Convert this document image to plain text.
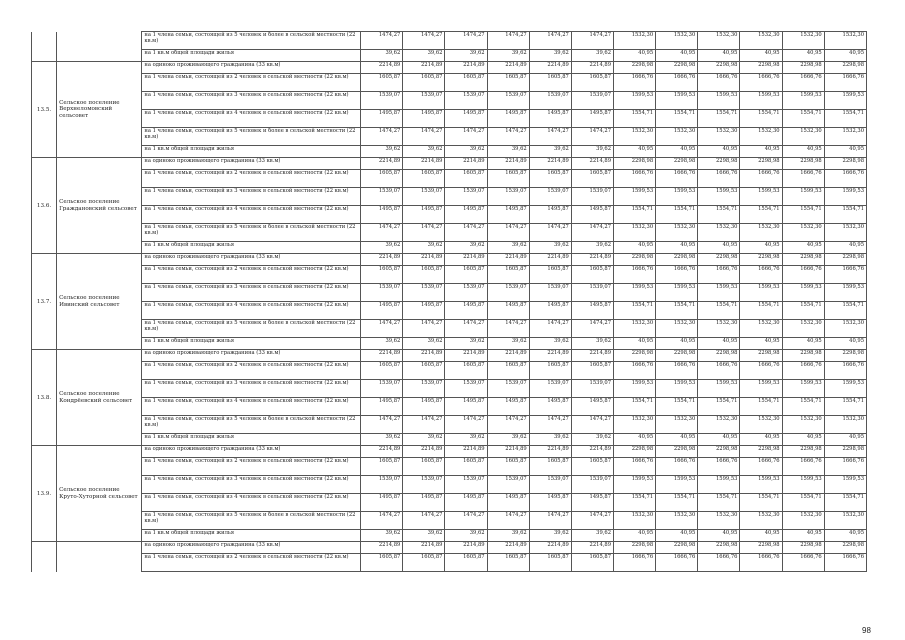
		на 1 члена семьи, состоящей из 5 человек и более в сельской местности (22 кв.м)	1474,27	1474,27	1474,27	1474,27	1474,27	1474,27	1532,30	1532,30	1532,30	1532,30	1532,30	1532,30
		на 1 кв.м общей площади жилья	39,62	39,62	39,62	39,62	39,62	39,62	40,95	40,95	40,95	40,95	40,95	40,95
13.5.	Сельское поселение Верхнеломовский сельсовет	на одиноко проживающего гражданина (33 кв.м)	2214,89	2214,89	2214,89	2214,89	2214,89	2214,89	2298,98	2298,98	2298,98	2298,98	2298,98	2298,98
		на 1 члена семьи, состоящей из 2 человек в сельской местности (22 кв.м)	1605,87	1605,87	1605,87	1605,87	1605,87	1605,87	1666,76	1666,76	1666,76	1666,76	1666,76	1666,76
		на 1 члена семьи, состоящей из 3 человек в сельской местности (22 кв.м)	1539,07	1539,07	1539,07	1539,07	1539,07	1539,07	1599,53	1599,53	1599,53	1599,53	1599,53	1599,53
		на 1 члена семьи, состоящей из 4 человек в сельской местности (22 кв.м)	1495,87	1495,87	1495,87	1495,87	1495,87	1495,87	1554,71	1554,71	1554,71	1554,71	1554,71	1554,71
		на 1 члена семьи, состоящей из 5 человек и более в сельской местности (22 кв.м)	1474,27	1474,27	1474,27	1474,27	1474,27	1474,27	1532,30	1532,30	1532,30	1532,30	1532,30	1532,30
		на 1 кв.м общей площади жилья	39,62	39,62	39,62	39,62	39,62	39,62	40,95	40,95	40,95	40,95	40,95	40,95
13.6.	Сельское поселение Граждановский сельсовет	на одиноко проживающего гражданина (33 кв.м)	2214,89	2214,89	2214,89	2214,89	2214,89	2214,89	2298,98	2298,98	2298,98	2298,98	2298,98	2298,98
		на 1 члена семьи, состоящей из 2 человек в сельской местности (22 кв.м)	1605,87	1605,87	1605,87	1605,87	1605,87	1605,87	1666,76	1666,76	1666,76	1666,76	1666,76	1666,76
		на 1 члена семьи, состоящей из 3 человек в сельской местности (22 кв.м)	1539,07	1539,07	1539,07	1539,07	1539,07	1539,07	1599,53	1599,53	1599,53	1599,53	1599,53	1599,53
		на 1 члена семьи, состоящей из 4 человек в сельской местности (22 кв.м)	1495,87	1495,87	1495,87	1495,87	1495,87	1495,87	1554,71	1554,71	1554,71	1554,71	1554,71	1554,71
		на 1 члена семьи, состоящей из 5 человек и более в сельской местности (22 кв.м)	1474,27	1474,27	1474,27	1474,27	1474,27	1474,27	1532,30	1532,30	1532,30	1532,30	1532,30	1532,30
		на 1 кв.м общей площади жилья	39,62	39,62	39,62	39,62	39,62	39,62	40,95	40,95	40,95	40,95	40,95	40,95
13.7.	Сельское поселение Ивинский сельсовет	на одиноко проживающего гражданина (33 кв.м)	2214,89	2214,89	2214,89	2214,89	2214,89	2214,89	2298,98	2298,98	2298,98	2298,98	2298,98	2298,98
		на 1 члена семьи, состоящей из 2 человек в сельской местности (22 кв.м)	1605,87	1605,87	1605,87	1605,87	1605,87	1605,87	1666,76	1666,76	1666,76	1666,76	1666,76	1666,76
		на 1 члена семьи, состоящей из 3 человек в сельской местности (22 кв.м)	1539,07	1539,07	1539,07	1539,07	1539,07	1539,07	1599,53	1599,53	1599,53	1599,53	1599,53	1599,53
		на 1 члена семьи, состоящей из 4 человек в сельской местности (22 кв.м)	1495,87	1495,87	1495,87	1495,87	1495,87	1495,87	1554,71	1554,71	1554,71	1554,71	1554,71	1554,71
		на 1 члена семьи, состоящей из 5 человек и более в сельской местности (22 кв.м)	1474,27	1474,27	1474,27	1474,27	1474,27	1474,27	1532,30	1532,30	1532,30	1532,30	1532,30	1532,30
		на 1 кв.м общей площади жилья	39,62	39,62	39,62	39,62	39,62	39,62	40,95	40,95	40,95	40,95	40,95	40,95
13.8.	Сельское поселение Кондрёевский сельсовет	на одиноко проживающего гражданина (33 кв.м)	2214,89	2214,89	2214,89	2214,89	2214,89	2214,89	2298,98	2298,98	2298,98	2298,98	2298,98	2298,98
		на 1 члена семьи, состоящей из 2 человек в сельской местности (22 кв.м)	1605,87	1605,87	1605,87	1605,87	1605,87	1605,87	1666,76	1666,76	1666,76	1666,76	1666,76	1666,76
		на 1 члена семьи, состоящей из 3 человек в сельской местности (22 кв.м)	1539,07	1539,07	1539,07	1539,07	1539,07	1539,07	1599,53	1599,53	1599,53	1599,53	1599,53	1599,53
		на 1 члена семьи, состоящей из 4 человек в сельской местности (22 кв.м)	1495,87	1495,87	1495,87	1495,87	1495,87	1495,87	1554,71	1554,71	1554,71	1554,71	1554,71	1554,71
		на 1 члена семьи, состоящей из 5 человек и более в сельской местности (22 кв.м)	1474,27	1474,27	1474,27	1474,27	1474,27	1474,27	1532,30	1532,30	1532,30	1532,30	1532,30	1532,30
		на 1 кв.м общей площади жилья	39,62	39,62	39,62	39,62	39,62	39,62	40,95	40,95	40,95	40,95	40,95	40,95
13.9.	Сельское поселение Круто-Хуторной сельсовет	на одиноко проживающего гражданина (33 кв.м)	2214,89	2214,89	2214,89	2214,89	2214,89	2214,89	2298,98	2298,98	2298,98	2298,98	2298,98	2298,98
		на 1 члена семьи, состоящей из 2 человек в сельской местности (22 кв.м)	1605,87	1605,87	1605,87	1605,87	1605,87	1605,87	1666,76	1666,76	1666,76	1666,76	1666,76	1666,76
		на 1 члена семьи, состоящей из 3 человек в сельской местности (22 кв.м)	1539,07	1539,07	1539,07	1539,07	1539,07	1539,07	1599,53	1599,53	1599,53	1599,53	1599,53	1599,53
		на 1 члена семьи, состоящей из 4 человек в сельской местности (22 кв.м)	1495,87	1495,87	1495,87	1495,87	1495,87	1495,87	1554,71	1554,71	1554,71	1554,71	1554,71	1554,71
		на 1 члена семьи, состоящей из 5 человек и более в сельской местности (22 кв.м)	1474,27	1474,27	1474,27	1474,27	1474,27	1474,27	1532,30	1532,30	1532,30	1532,30	1532,30	1532,30
		на 1 кв.м общей площади жилья	39,62	39,62	39,62	39,62	39,62	39,62	40,95	40,95	40,95	40,95	40,95	40,95
		на одиноко проживающего гражданина (33 кв.м)	2214,89	2214,89	2214,89	2214,89	2214,89	2214,89	2298,98	2298,98	2298,98	2298,98	2298,98	2298,98
		на 1 члена семьи, состоящей из 2 человек в сельской местности (22 кв.м)	1605,87	1605,87	1605,87	1605,87	1605,87	1605,87	1666,76	1666,76	1666,76	1666,76	1666,76	1666,76
98
